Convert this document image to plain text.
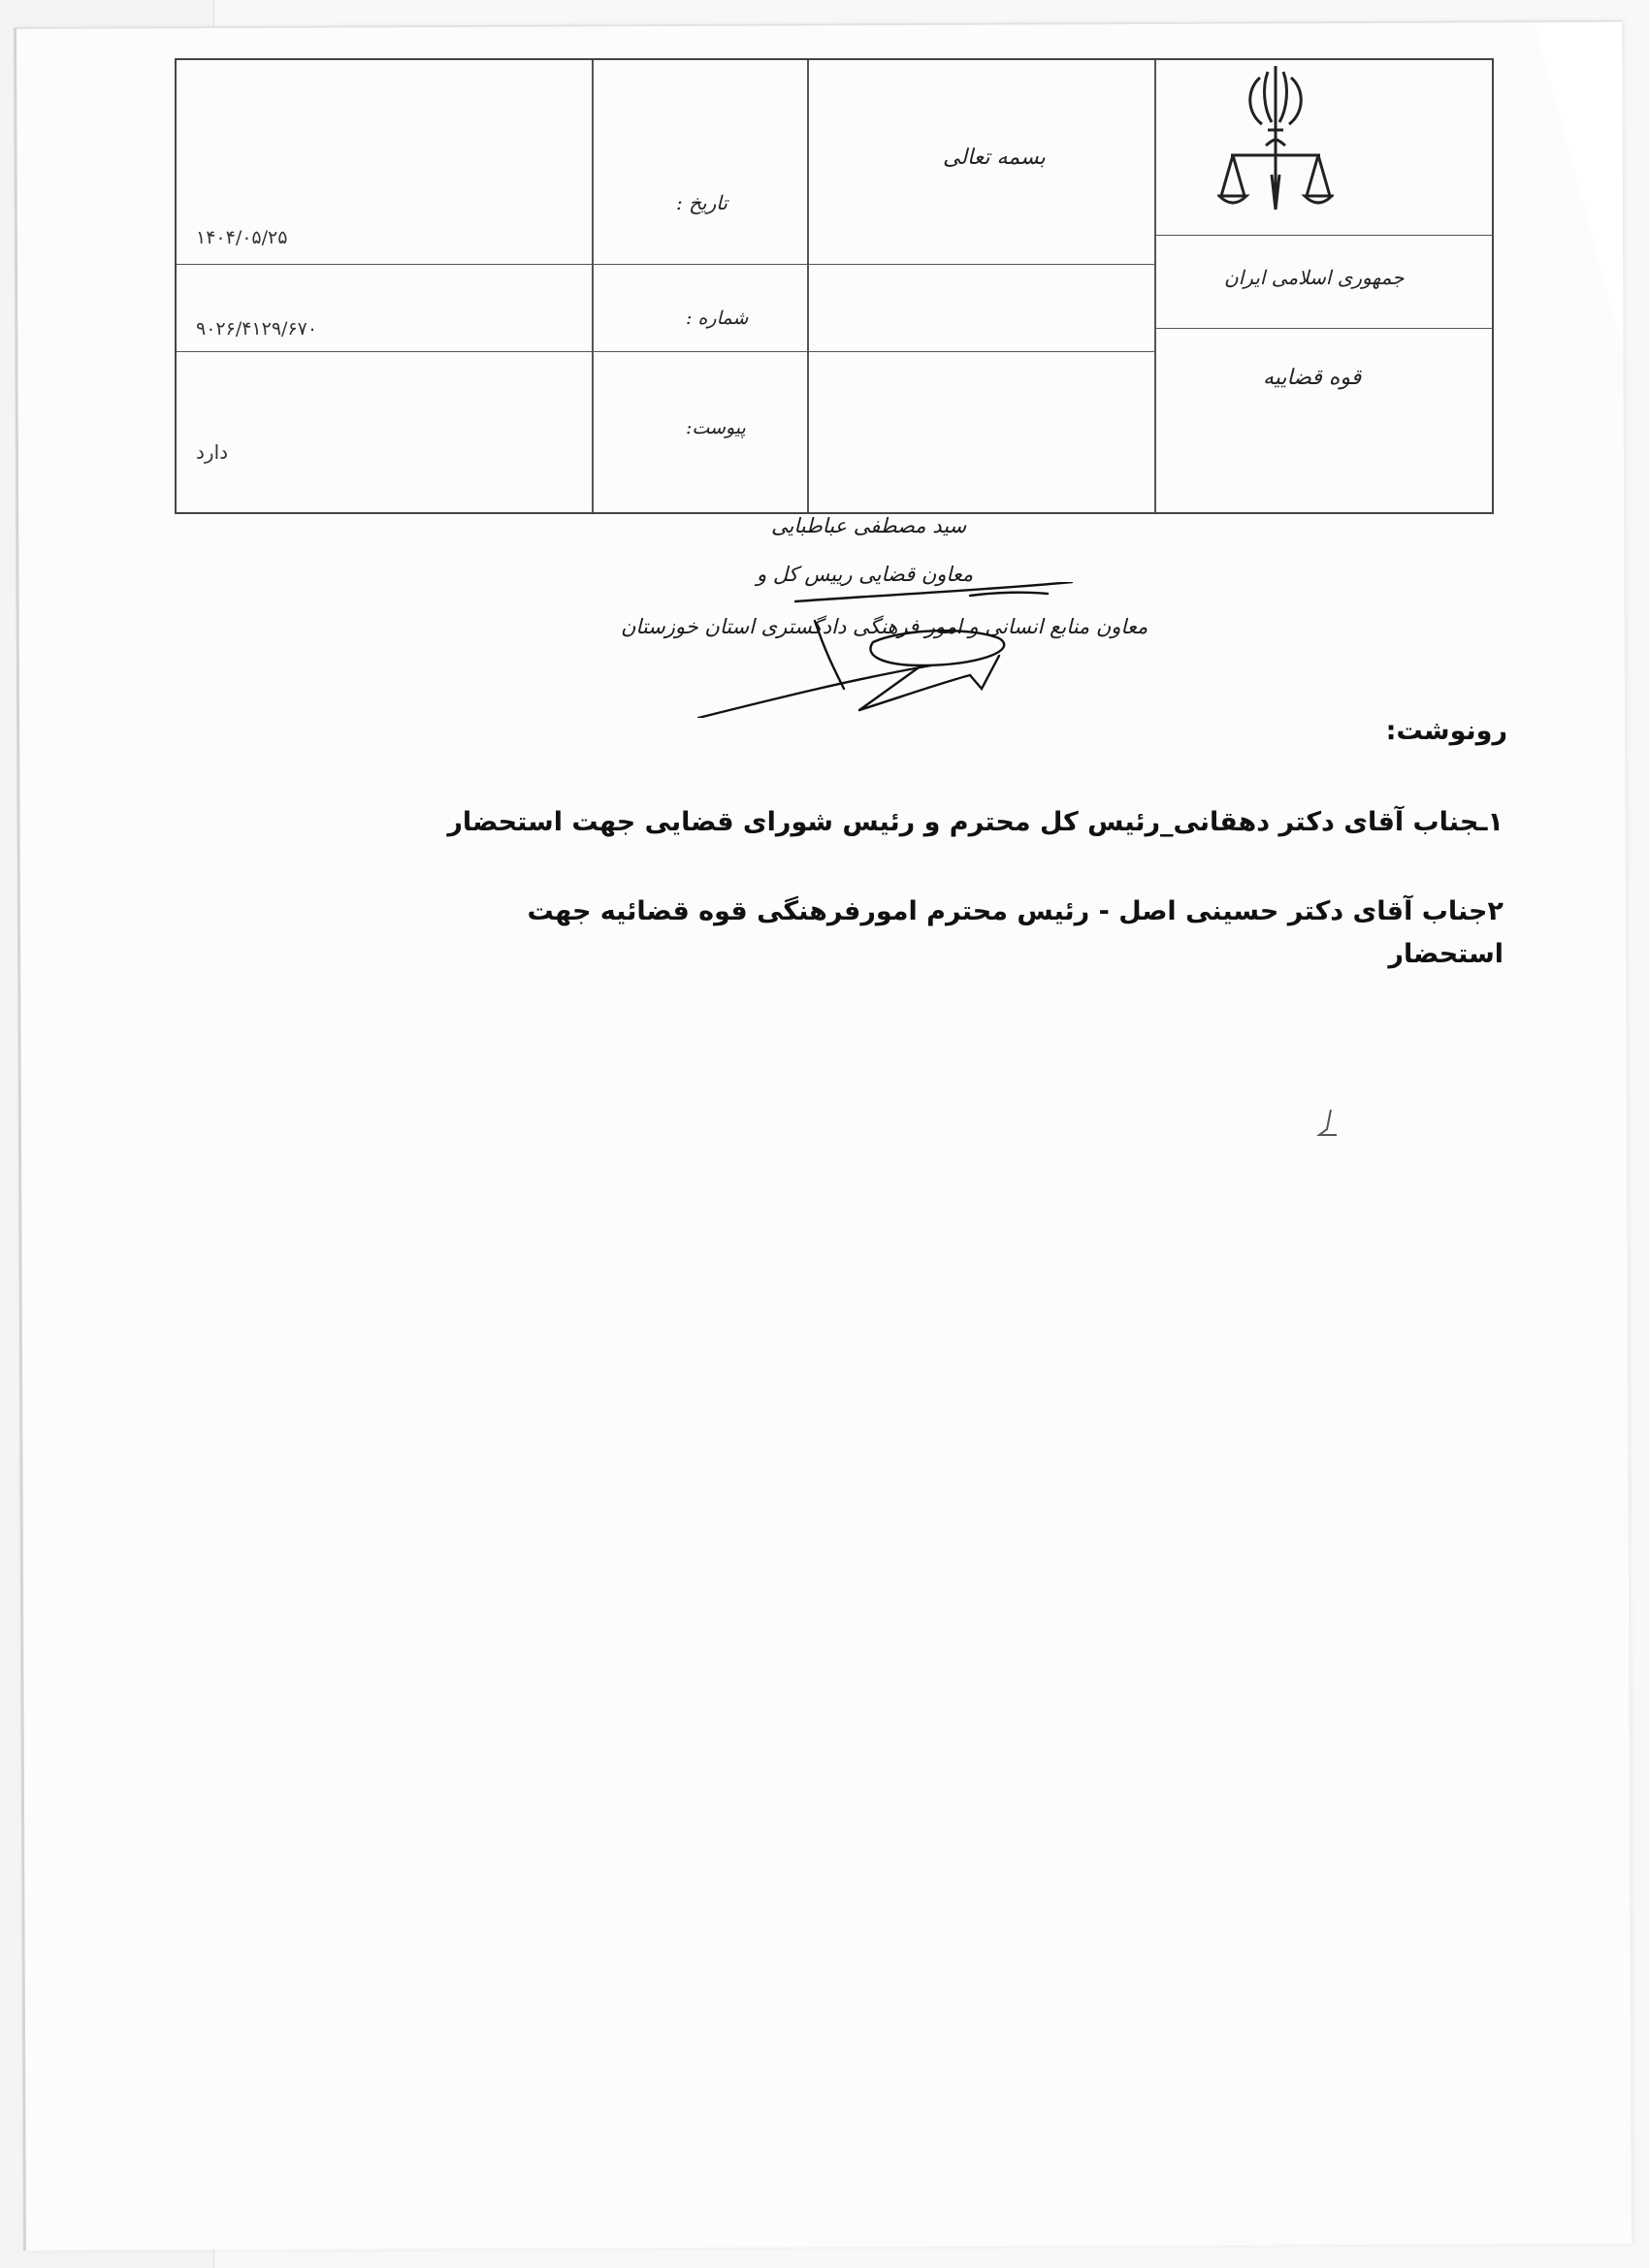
بسمه تعالی
جمهوری اسلامی ایران
قوه قضاییه
تاریخ :
شماره :
پیوست:
۱۴۰۴/۰۵/۲۵
۹۰۲۶/۴۱۲۹/۶۷۰
دارد
سید مصطفی عباطبایی
معاون قضایی رییس کل و
معاون منابع انسانی و امور فرهنگی دادگستری استان خوزستان
رونوشت:
۱ـجناب آقای دکتر دهقانی_رئیس کل محترم و رئیس شورای قضایی جهت استحضار
۲جناب آقای دکتر حسینی اصل - رئیس محترم امورفرهنگی قوه قضائیه جهت استحضار
